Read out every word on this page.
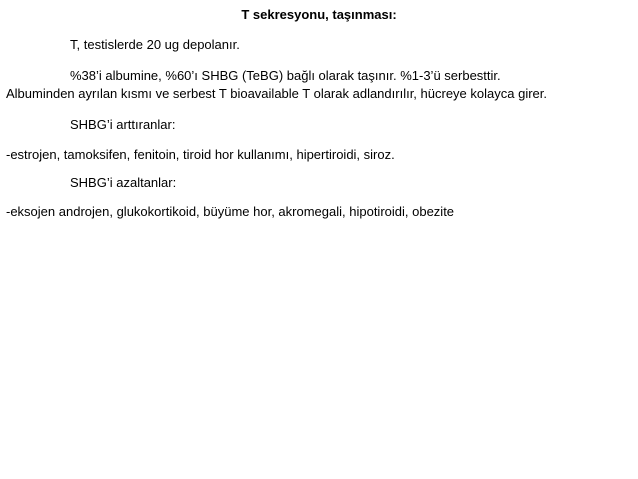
T sekresyonu, taşınması:
T, testislerde 20 ug depolanır.
%38’i albumine, %60’ı SHBG (TeBG) bağlı olarak taşınır. %1-3’ü serbesttir.
Albuminden ayrılan kısmı ve serbest T bioavailable T olarak adlandırılır, hücreye kolayca girer.
SHBG’i arttıranlar:
-estrojen, tamoksifen, fenitoin, tiroid hor kullanımı, hipertiroidi, siroz.
SHBG’i azaltanlar:
-eksojen androjen, glukokortikoid, büyüme hor, akromegali, hipotiroidi, obezite
